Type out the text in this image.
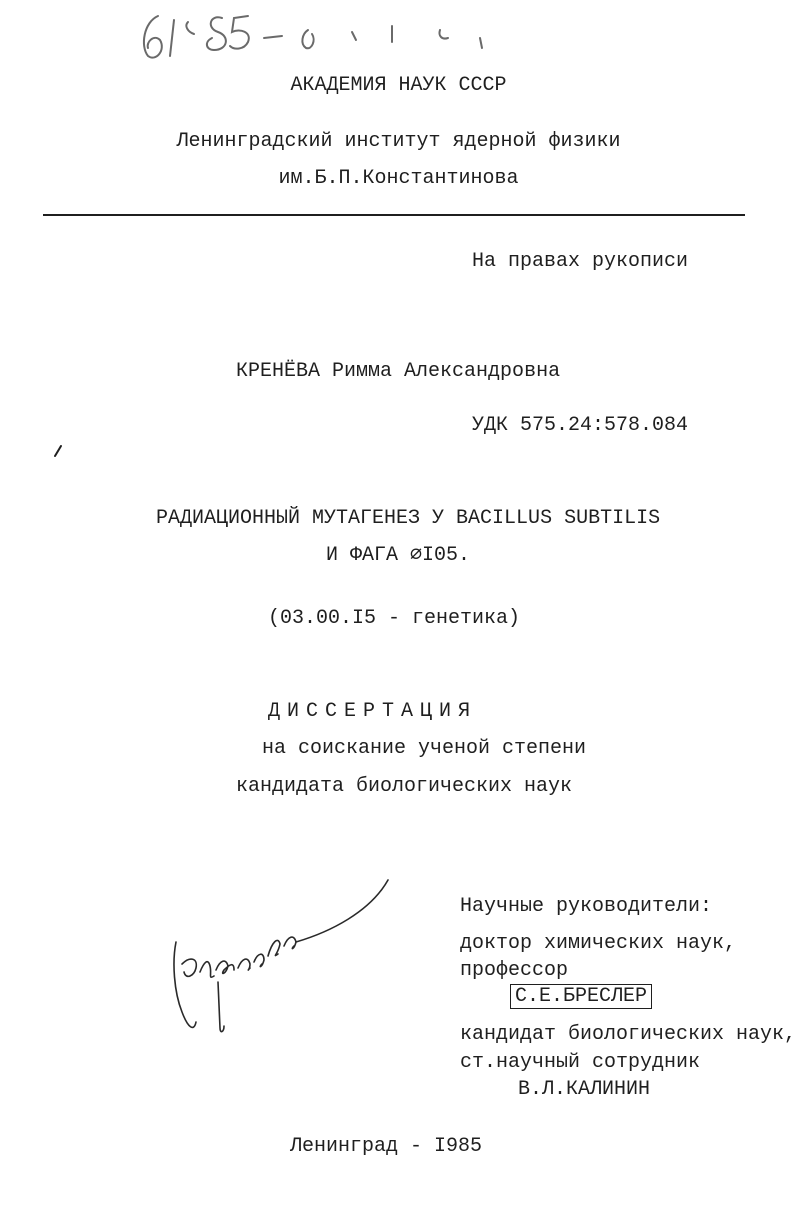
АКАДЕМИЯ НАУК СССР
Ленинградский институт ядерной физики
им.Б.П.Константинова
На правах рукописи
КРЕНЁВА Римма Александровна
УДК 575.24:578.084
РАДИАЦИОННЫЙ МУТАГЕНЕЗ У BACILLUS SUBTILIS
И ФАГА ∅I05.
(03.00.I5 - генетика)
ДИССЕРТАЦИЯ
на соискание ученой степени
кандидата биологических наук
Научные руководители:
доктор химических наук,
профессор
С.Е.БРЕСЛЕР
кандидат биологических наук,
ст.научный сотрудник
В.Л.КАЛИНИН
Ленинград - I985
